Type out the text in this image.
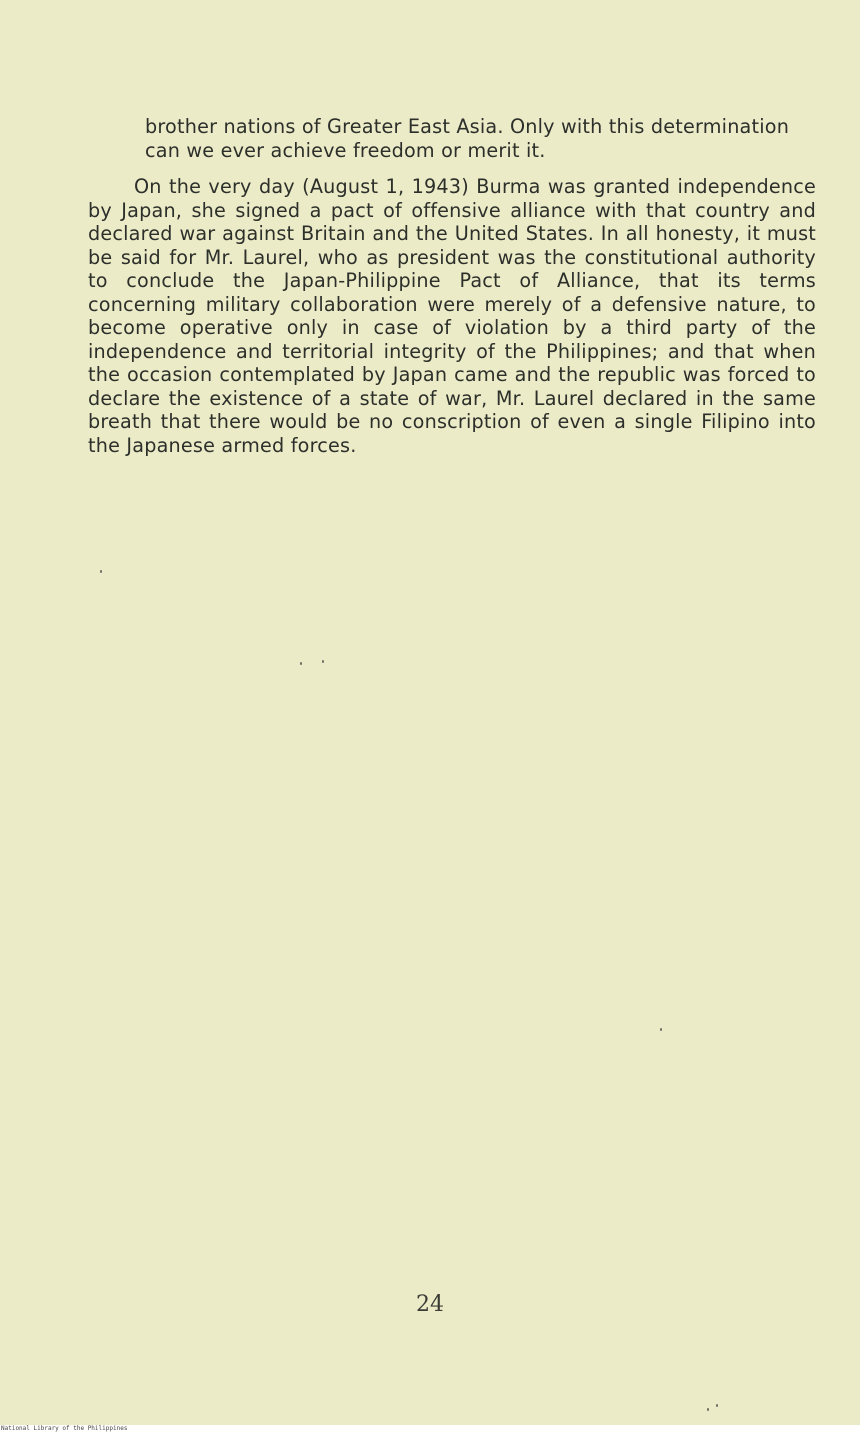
brother nations of Greater East Asia. Only with this determination can we ever achieve freedom or merit it.

On the very day (August 1, 1943) Burma was granted independence by Japan, she signed a pact of offensive alliance with that country and declared war against Britain and the United States. In all honesty, it must be said for Mr. Laurel, who as president was the constitutional authority to conclude the Japan-Philippine Pact of Alliance, that its terms concerning military collaboration were merely of a defensive nature, to become operative only in case of violation by a third party of the independence and territorial integrity of the Philippines; and that when the occasion contemplated by Japan came and the republic was forced to declare the existence of a state of war, Mr. Laurel declared in the same breath that there would be no conscription of even a single Filipino into the Japanese armed forces.

24
National Library of the Philippines
